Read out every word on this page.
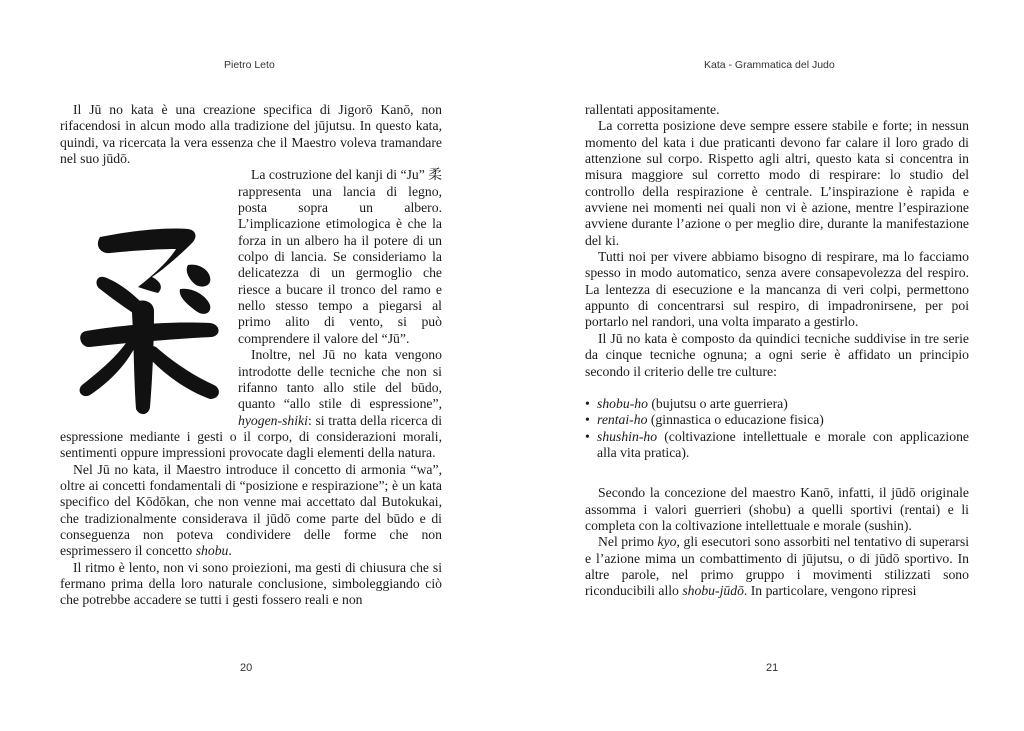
Pietro Leto

Il Jū no kata è una creazione specifica di Jigorō Kanō, non rifacendosi in alcun modo alla tradizione del jūjutsu. In questo kata, quindi, va ricercata la vera essenza che il Maestro voleva tramandare nel suo jūdō.

La costruzione del kanji di “Ju” 柔 rappresenta una lancia di legno, posta sopra un albero. L’implicazione etimologica è che la forza in un albero ha il potere di un colpo di lancia. Se consideriamo la delicatezza di un germoglio che riesce a bucare il tronco del ramo e nello stesso tempo a piegarsi al primo alito di vento, si può comprendere il valore del “Jū”.

Inoltre, nel Jū no kata vengono introdotte delle tecniche che non si rifanno tanto allo stile del būdo, quanto “allo stile di espressione”, hyogen-shiki: si tratta della ricerca di espressione mediante i gesti o il corpo, di considerazioni morali, sentimenti oppure impressioni provocate dagli elementi della natura.

Nel Jū no kata, il Maestro introduce il concetto di armonia “wa”, oltre ai concetti fondamentali di “posizione e respirazione”; è un kata specifico del Kōdōkan, che non venne mai accettato dal Butokukai, che tradizionalmente considerava il jūdō come parte del būdo e di conseguenza non poteva condividere delle forme che non esprimessero il concetto shobu.

Il ritmo è lento, non vi sono proiezioni, ma gesti di chiusura che si fermano prima della loro naturale conclusione, simboleggiando ciò che potrebbe accadere se tutti i gesti fossero reali e non

20
Kata - Grammatica del Judo

rallentati appositamente.

La corretta posizione deve sempre essere stabile e forte; in nessun momento del kata i due praticanti devono far calare il loro grado di attenzione sul corpo. Rispetto agli altri, questo kata si concentra in misura maggiore sul corretto modo di respirare: lo studio del controllo della respirazione è centrale. L’inspirazione è rapida e avviene nei momenti nei quali non vi è azione, mentre l’espirazione avviene durante l’azione o per meglio dire, durante la manifestazione del ki.

Tutti noi per vivere abbiamo bisogno di respirare, ma lo facciamo spesso in modo automatico, senza avere consapevolezza del respiro. La lentezza di esecuzione e la mancanza di veri colpi, permettono appunto di concentrarsi sul respiro, di impadronirsene, per poi portarlo nel randori, una volta imparato a gestirlo.

Il Jū no kata è composto da quindici tecniche suddivise in tre serie da cinque tecniche ognuna; a ogni serie è affidato un principio secondo il criterio delle tre culture:

• shobu-ho (bujutsu o arte guerriera)
• rentai-ho (ginnastica o educazione fisica)
• shushin-ho (coltivazione intellettuale e morale con applicazione alla vita pratica).

Secondo la concezione del maestro Kanō, infatti, il jūdō originale assomma i valori guerrieri (shobu) a quelli sportivi (rentai) e li completa con la coltivazione intellettuale e morale (sushin).

Nel primo kyo, gli esecutori sono assorbiti nel tentativo di superarsi e l’azione mima un combattimento di jūjutsu, o di jūdō sportivo. In altre parole, nel primo gruppo i movimenti stilizzati sono riconducibili allo shobu-jūdō. In particolare, vengono ripresi

21
